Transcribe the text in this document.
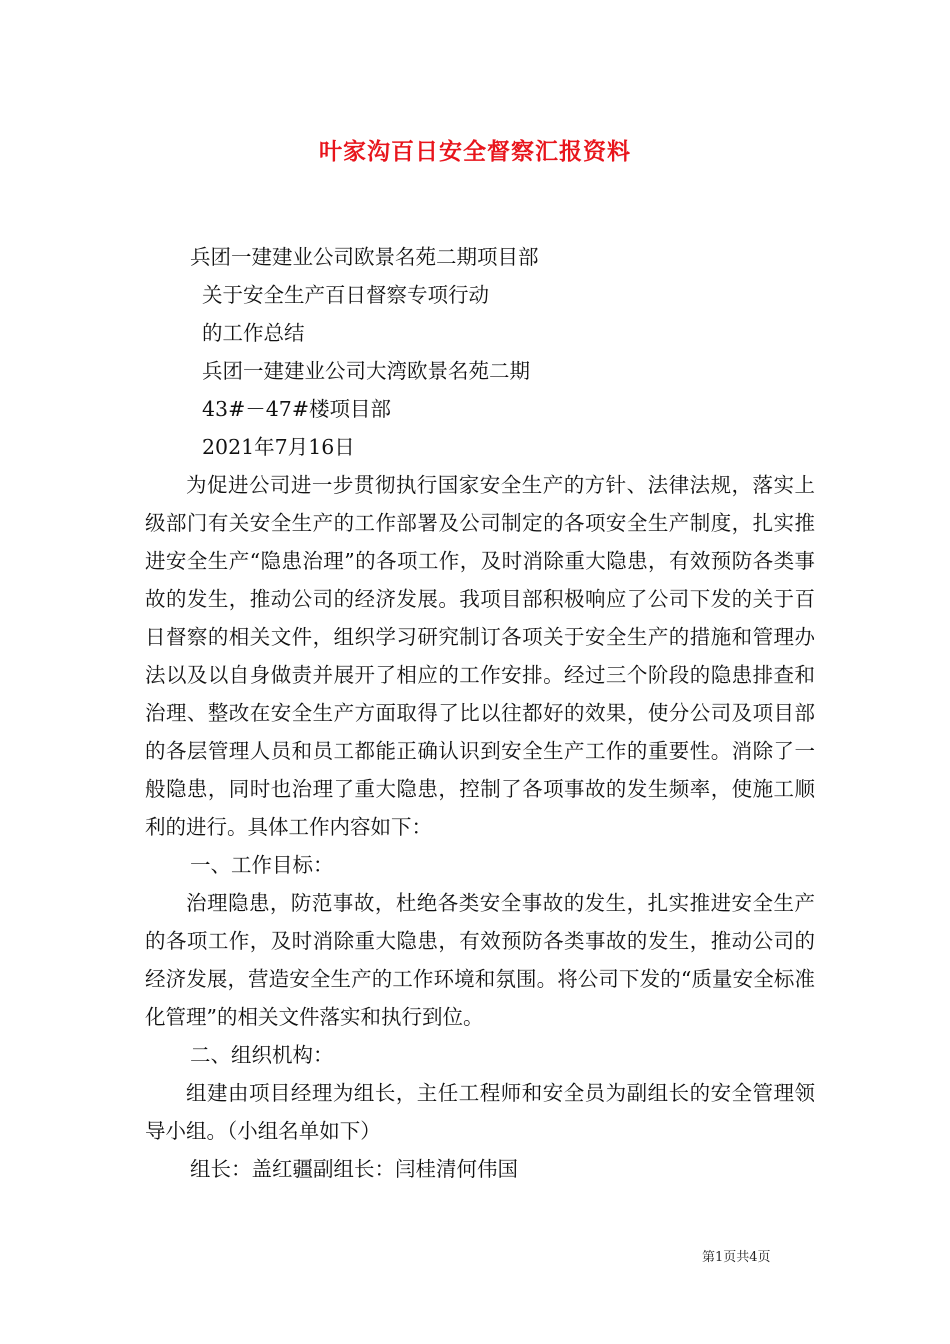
叶家沟百日安全督察汇报资料
兵团一建建业公司欧景名苑二期项目部
关于安全生产百日督察专项行动
的工作总结
兵团一建建业公司大湾欧景名苑二期
43#－47#楼项目部
2021年7月16日

为促进公司进一步贯彻执行国家安全生产的方针、法律法规，落实上级部门有关安全生产的工作部署及公司制定的各项安全生产制度，扎实推进安全生产“隐患治理”的各项工作，及时消除重大隐患，有效预防各类事故的发生，推动公司的经济发展。我项目部积极响应了公司下发的关于百日督察的相关文件，组织学习研究制订各项关于安全生产的措施和管理办法以及以自身做责并展开了相应的工作安排。经过三个阶段的隐患排查和治理、整改在安全生产方面取得了比以往都好的效果，使分公司及项目部的各层管理人员和员工都能正确认识到安全生产工作的重要性。消除了一般隐患，同时也治理了重大隐患，控制了各项事故的发生频率，使施工顺利的进行。具体工作内容如下：

一、工作目标：

治理隐患，防范事故，杜绝各类安全事故的发生，扎实推进安全生产的各项工作，及时消除重大隐患，有效预防各类事故的发生，推动公司的经济发展，营造安全生产的工作环境和氛围。将公司下发的“质量安全标准化管理”的相关文件落实和执行到位。

二、组织机构：

组建由项目经理为组长，主任工程师和安全员为副组长的安全管理领导小组。（小组名单如下）

组长：盖红疆副组长：闫桂清何伟国
第1页共4页
